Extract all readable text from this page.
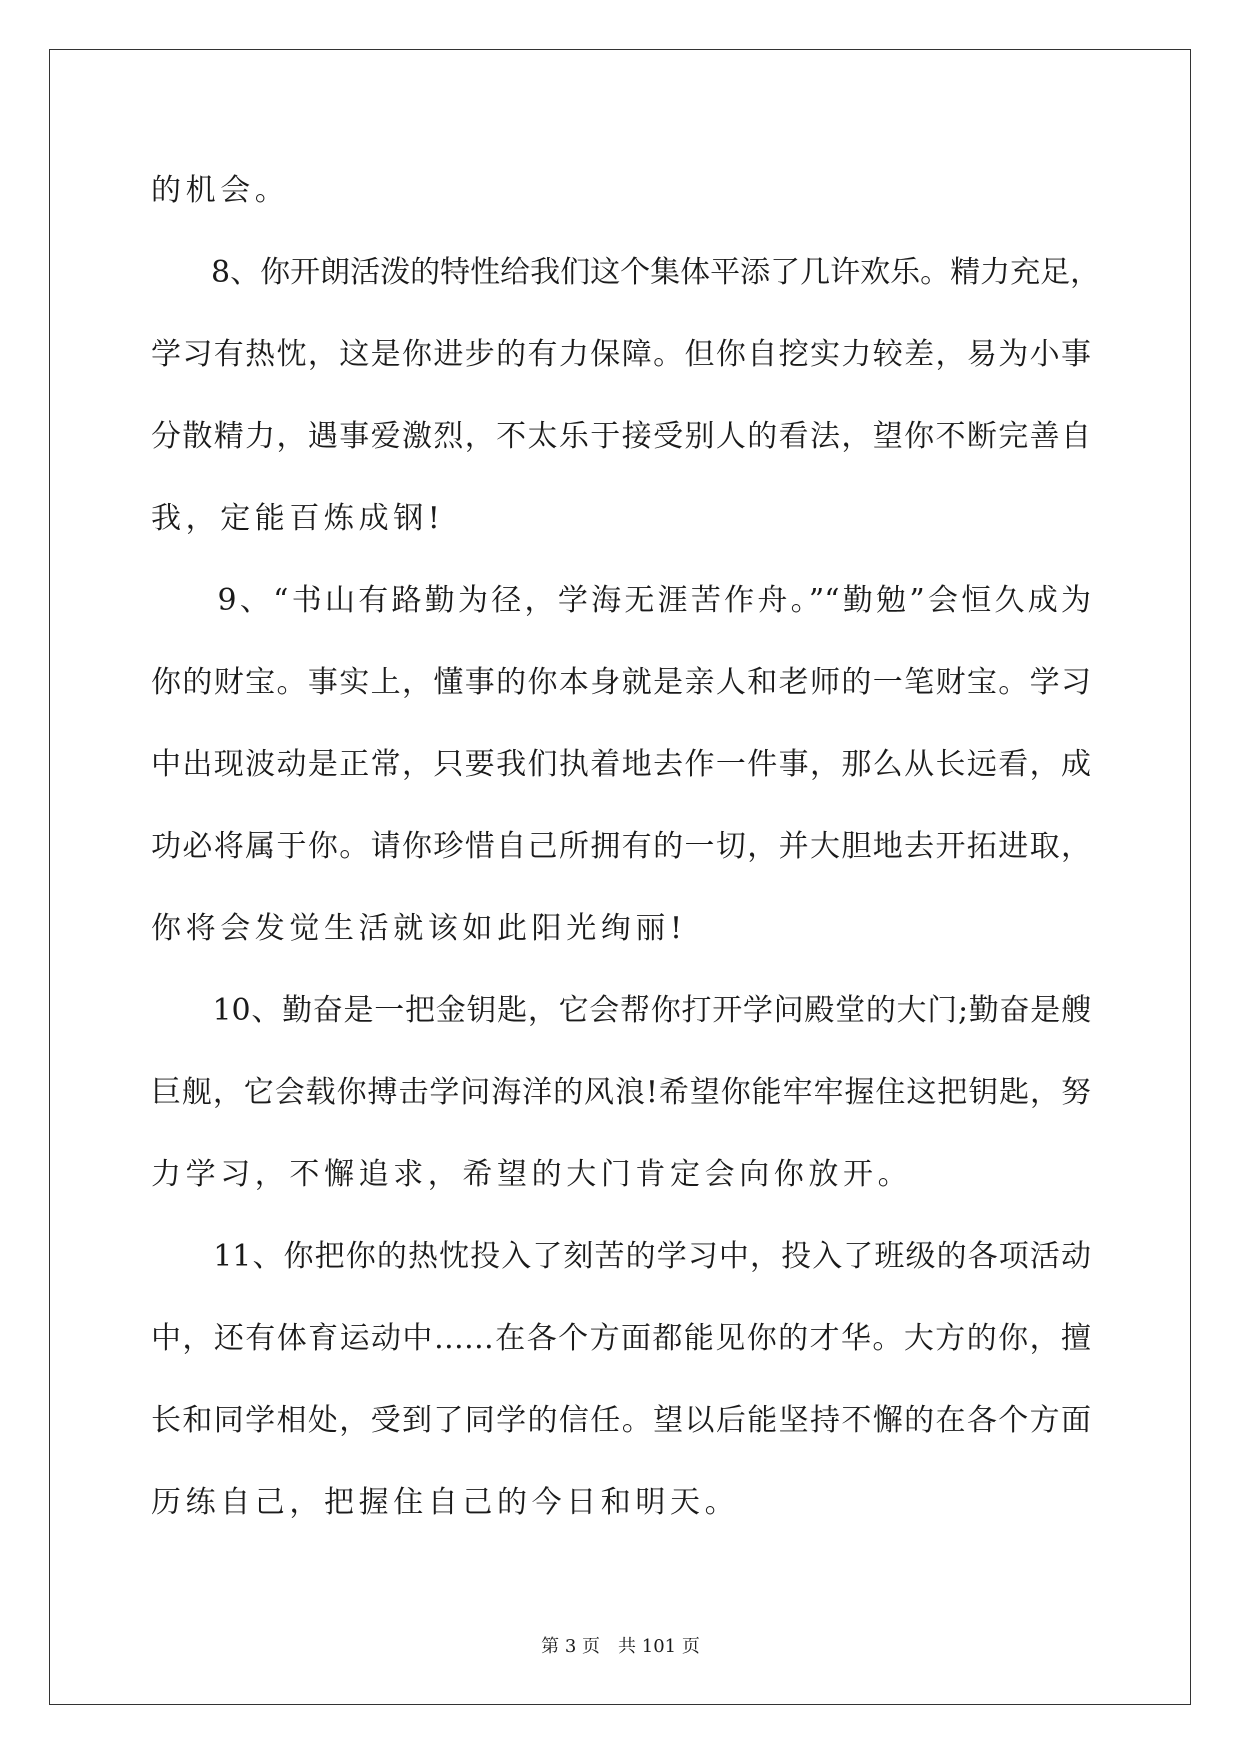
的机会。
　　8、你开朗活泼的特性给我们这个集体平添了几许欢乐。精力充足，
学习有热忱，这是你进步的有力保障。但你自挖实力较差，易为小事
分散精力，遇事爱激烈，不太乐于接受别人的看法，望你不断完善自
我，定能百炼成钢!
　　9、“书山有路勤为径，学海无涯苦作舟。”“勤勉”会恒久成为
你的财宝。事实上，懂事的你本身就是亲人和老师的一笔财宝。学习
中出现波动是正常，只要我们执着地去作一件事，那么从长远看，成
功必将属于你。请你珍惜自己所拥有的一切，并大胆地去开拓进取，
你将会发觉生活就该如此阳光绚丽!
　　10、勤奋是一把金钥匙，它会帮你打开学问殿堂的大门;勤奋是艘
巨舰，它会载你搏击学问海洋的风浪!希望你能牢牢握住这把钥匙，努
力学习，不懈追求，希望的大门肯定会向你放开。
　　11、你把你的热忱投入了刻苦的学习中，投入了班级的各项活动
中，还有体育运动中……在各个方面都能见你的才华。大方的你，擅
长和同学相处，受到了同学的信任。望以后能坚持不懈的在各个方面
历练自己，把握住自己的今日和明天。
第 3 页　共 101 页
